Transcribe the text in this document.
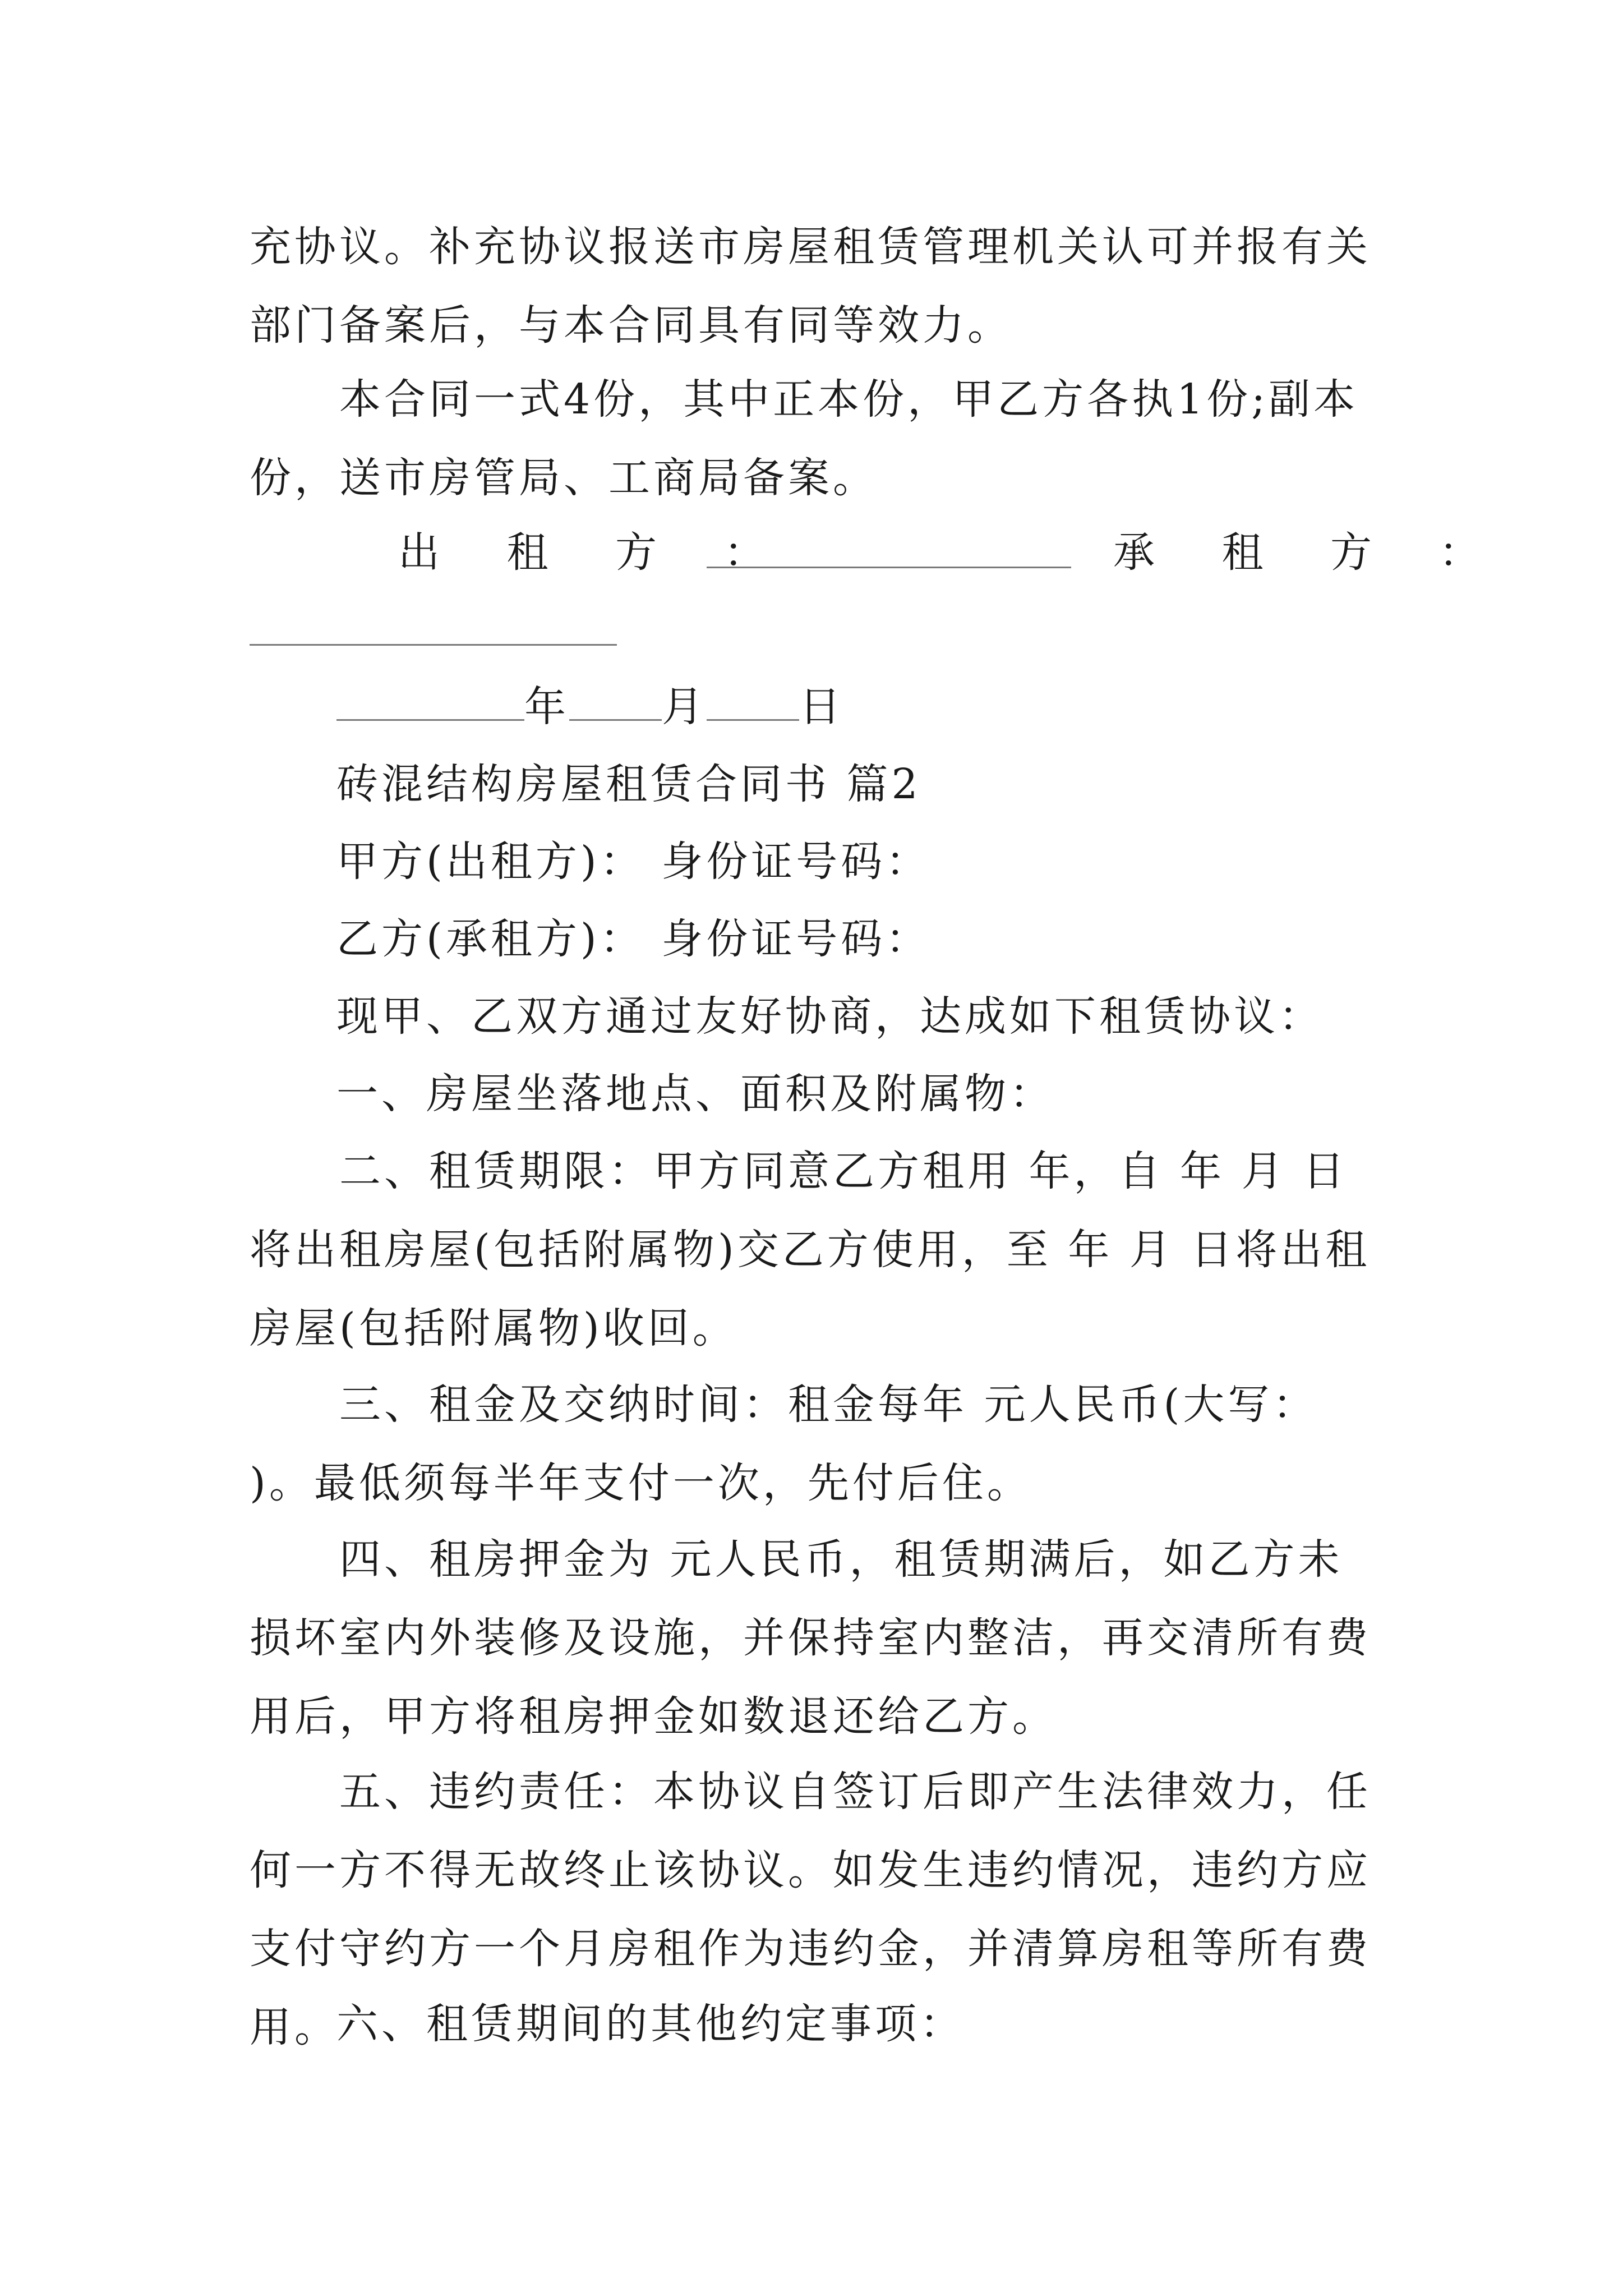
充协议。补充协议报送市房屋租赁管理机关认可并报有关部门备案后，与本合同具有同等效力。

本合同一式4份，其中正本份，甲乙方各执1份;副本份，送市房管局、工商局备案。

出 租 方 ：	承 租 方 ：
年 月 日
砖混结构房屋租赁合同书 篇2
甲方(出租方)： 身份证号码：
乙方(承租方)： 身份证号码：
现甲、乙双方通过友好协商，达成如下租赁协议：
一、房屋坐落地点、面积及附属物：

二、租赁期限：甲方同意乙方租用 年，自 年 月 日将出租房屋(包括附属物)交乙方使用，至 年 月 日将出租房屋(包括附属物)收回。

三、租金及交纳时间：租金每年 元人民币(大写： )。最低须每半年支付一次，先付后住。

四、租房押金为 元人民币，租赁期满后，如乙方未损坏室内外装修及设施，并保持室内整洁，再交清所有费用后，甲方将租房押金如数退还给乙方。

五、违约责任：本协议自签订后即产生法律效力，任何一方不得无故终止该协议。如发生违约情况，违约方应支付守约方一个月房租作为违约金，并清算房租等所有费用。

六、租赁期间的其他约定事项：
